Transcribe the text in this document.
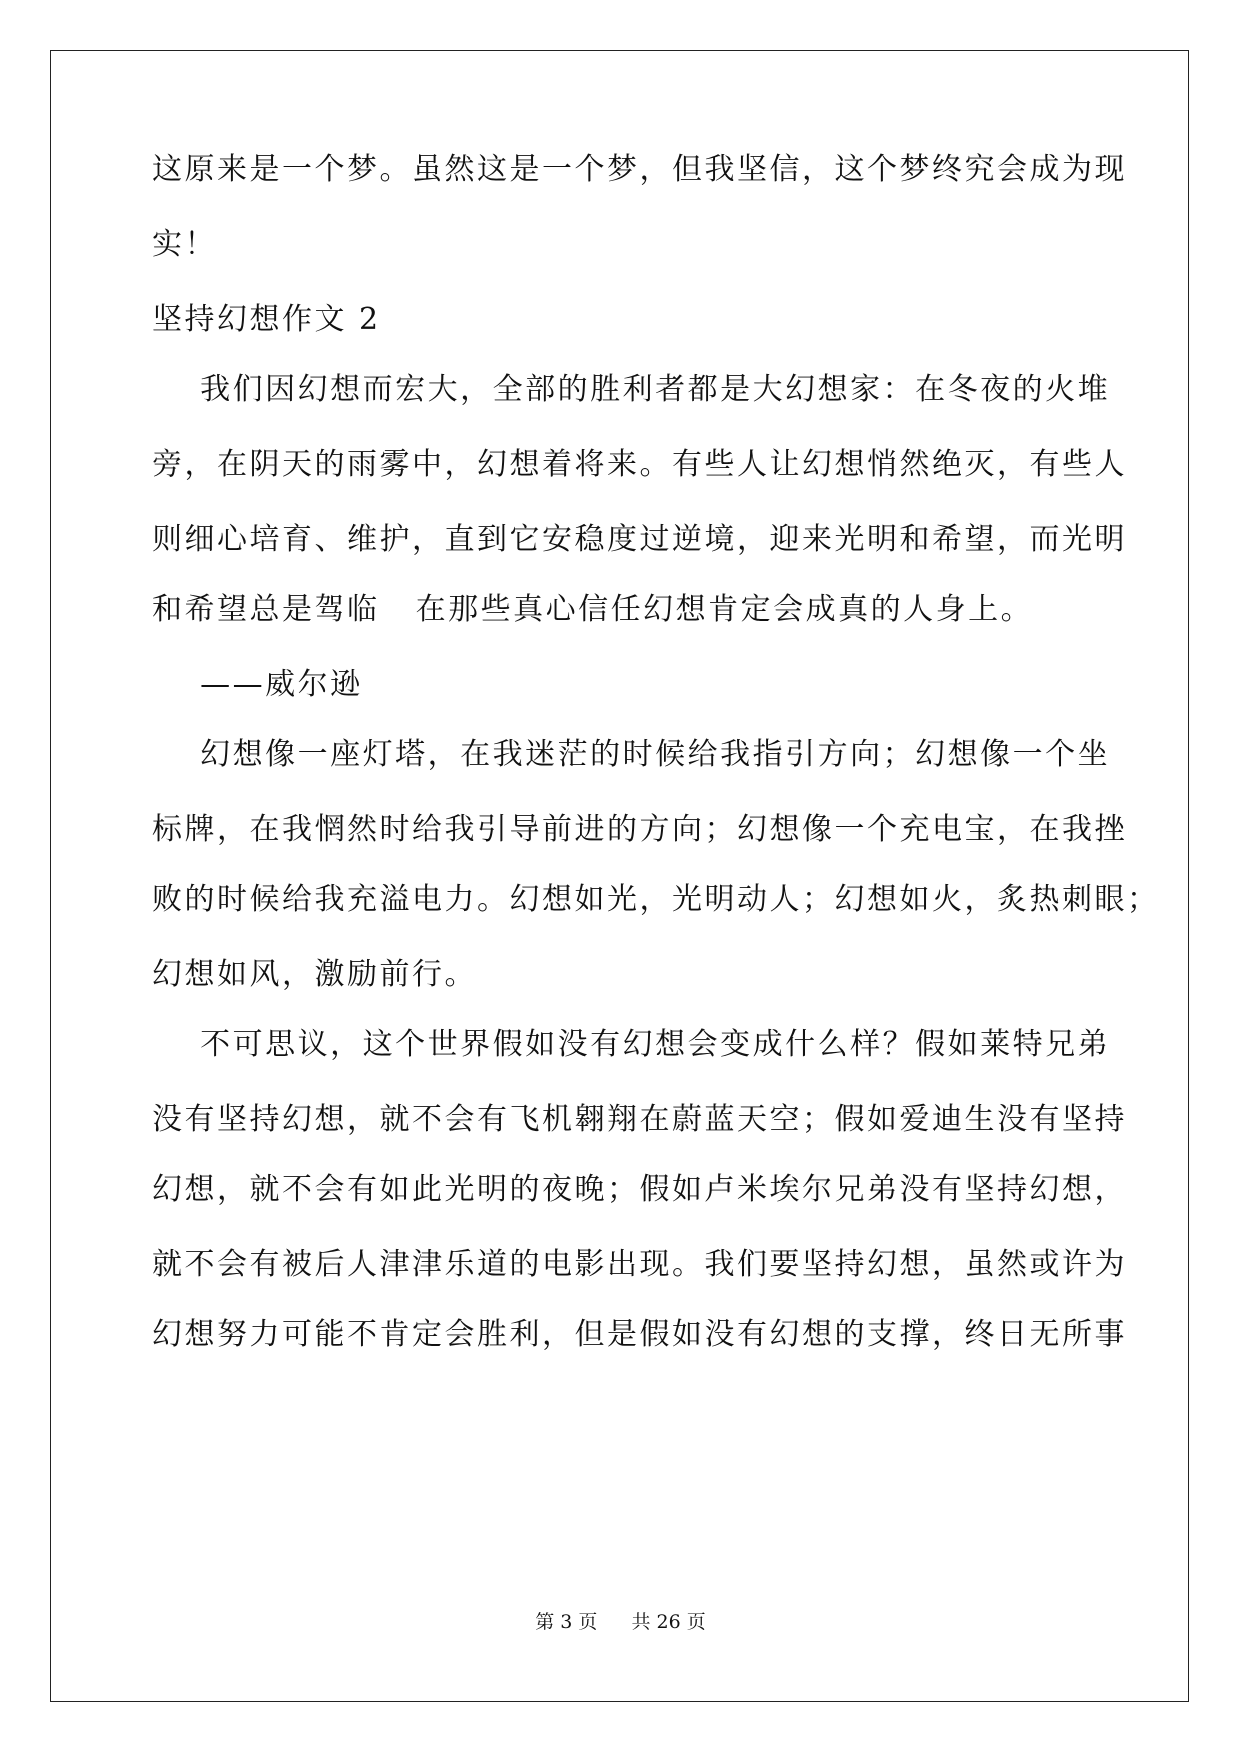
这原来是一个梦。虽然这是一个梦，但我坚信，这个梦终究会成为现
实！
坚持幻想作文 2
我们因幻想而宏大，全部的胜利者都是大幻想家：在冬夜的火堆
旁，在阴天的雨雾中，幻想着将来。有些人让幻想悄然绝灭，有些人
则细心培育、维护，直到它安稳度过逆境，迎来光明和希望，而光明
和希望总是驾临   在那些真心信任幻想肯定会成真的人身上。
——威尔逊
幻想像一座灯塔，在我迷茫的时候给我指引方向；幻想像一个坐
标牌，在我惘然时给我引导前进的方向；幻想像一个充电宝，在我挫
败的时候给我充溢电力。幻想如光，光明动人；幻想如火，炙热刺眼；
幻想如风，激励前行。
不可思议，这个世界假如没有幻想会变成什么样？假如莱特兄弟
没有坚持幻想，就不会有飞机翱翔在蔚蓝天空；假如爱迪生没有坚持
幻想，就不会有如此光明的夜晚；假如卢米埃尔兄弟没有坚持幻想，
就不会有被后人津津乐道的电影出现。我们要坚持幻想，虽然或许为
幻想努力可能不肯定会胜利，但是假如没有幻想的支撑，终日无所事
第 3 页 共 26 页
